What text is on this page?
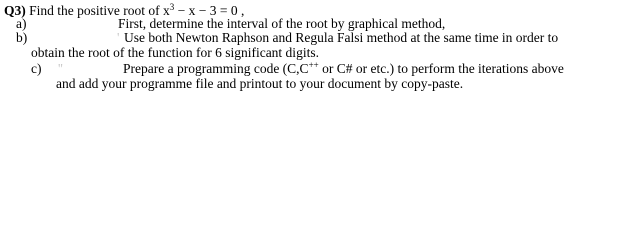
Q3) Find the positive root of $x^3 - x - 3 = 0$ ,
a)	First, determine the interval of the root by graphical method,
b)	' Use both Newton Raphson and Regula Falsi method at the same time in order to
obtain the root of the function for 6 significant digits.
c) ''	Prepare a programming code (C,C++ or C# or etc.) to perform the iterations above
and add your programme file and printout to your document by copy-paste.
